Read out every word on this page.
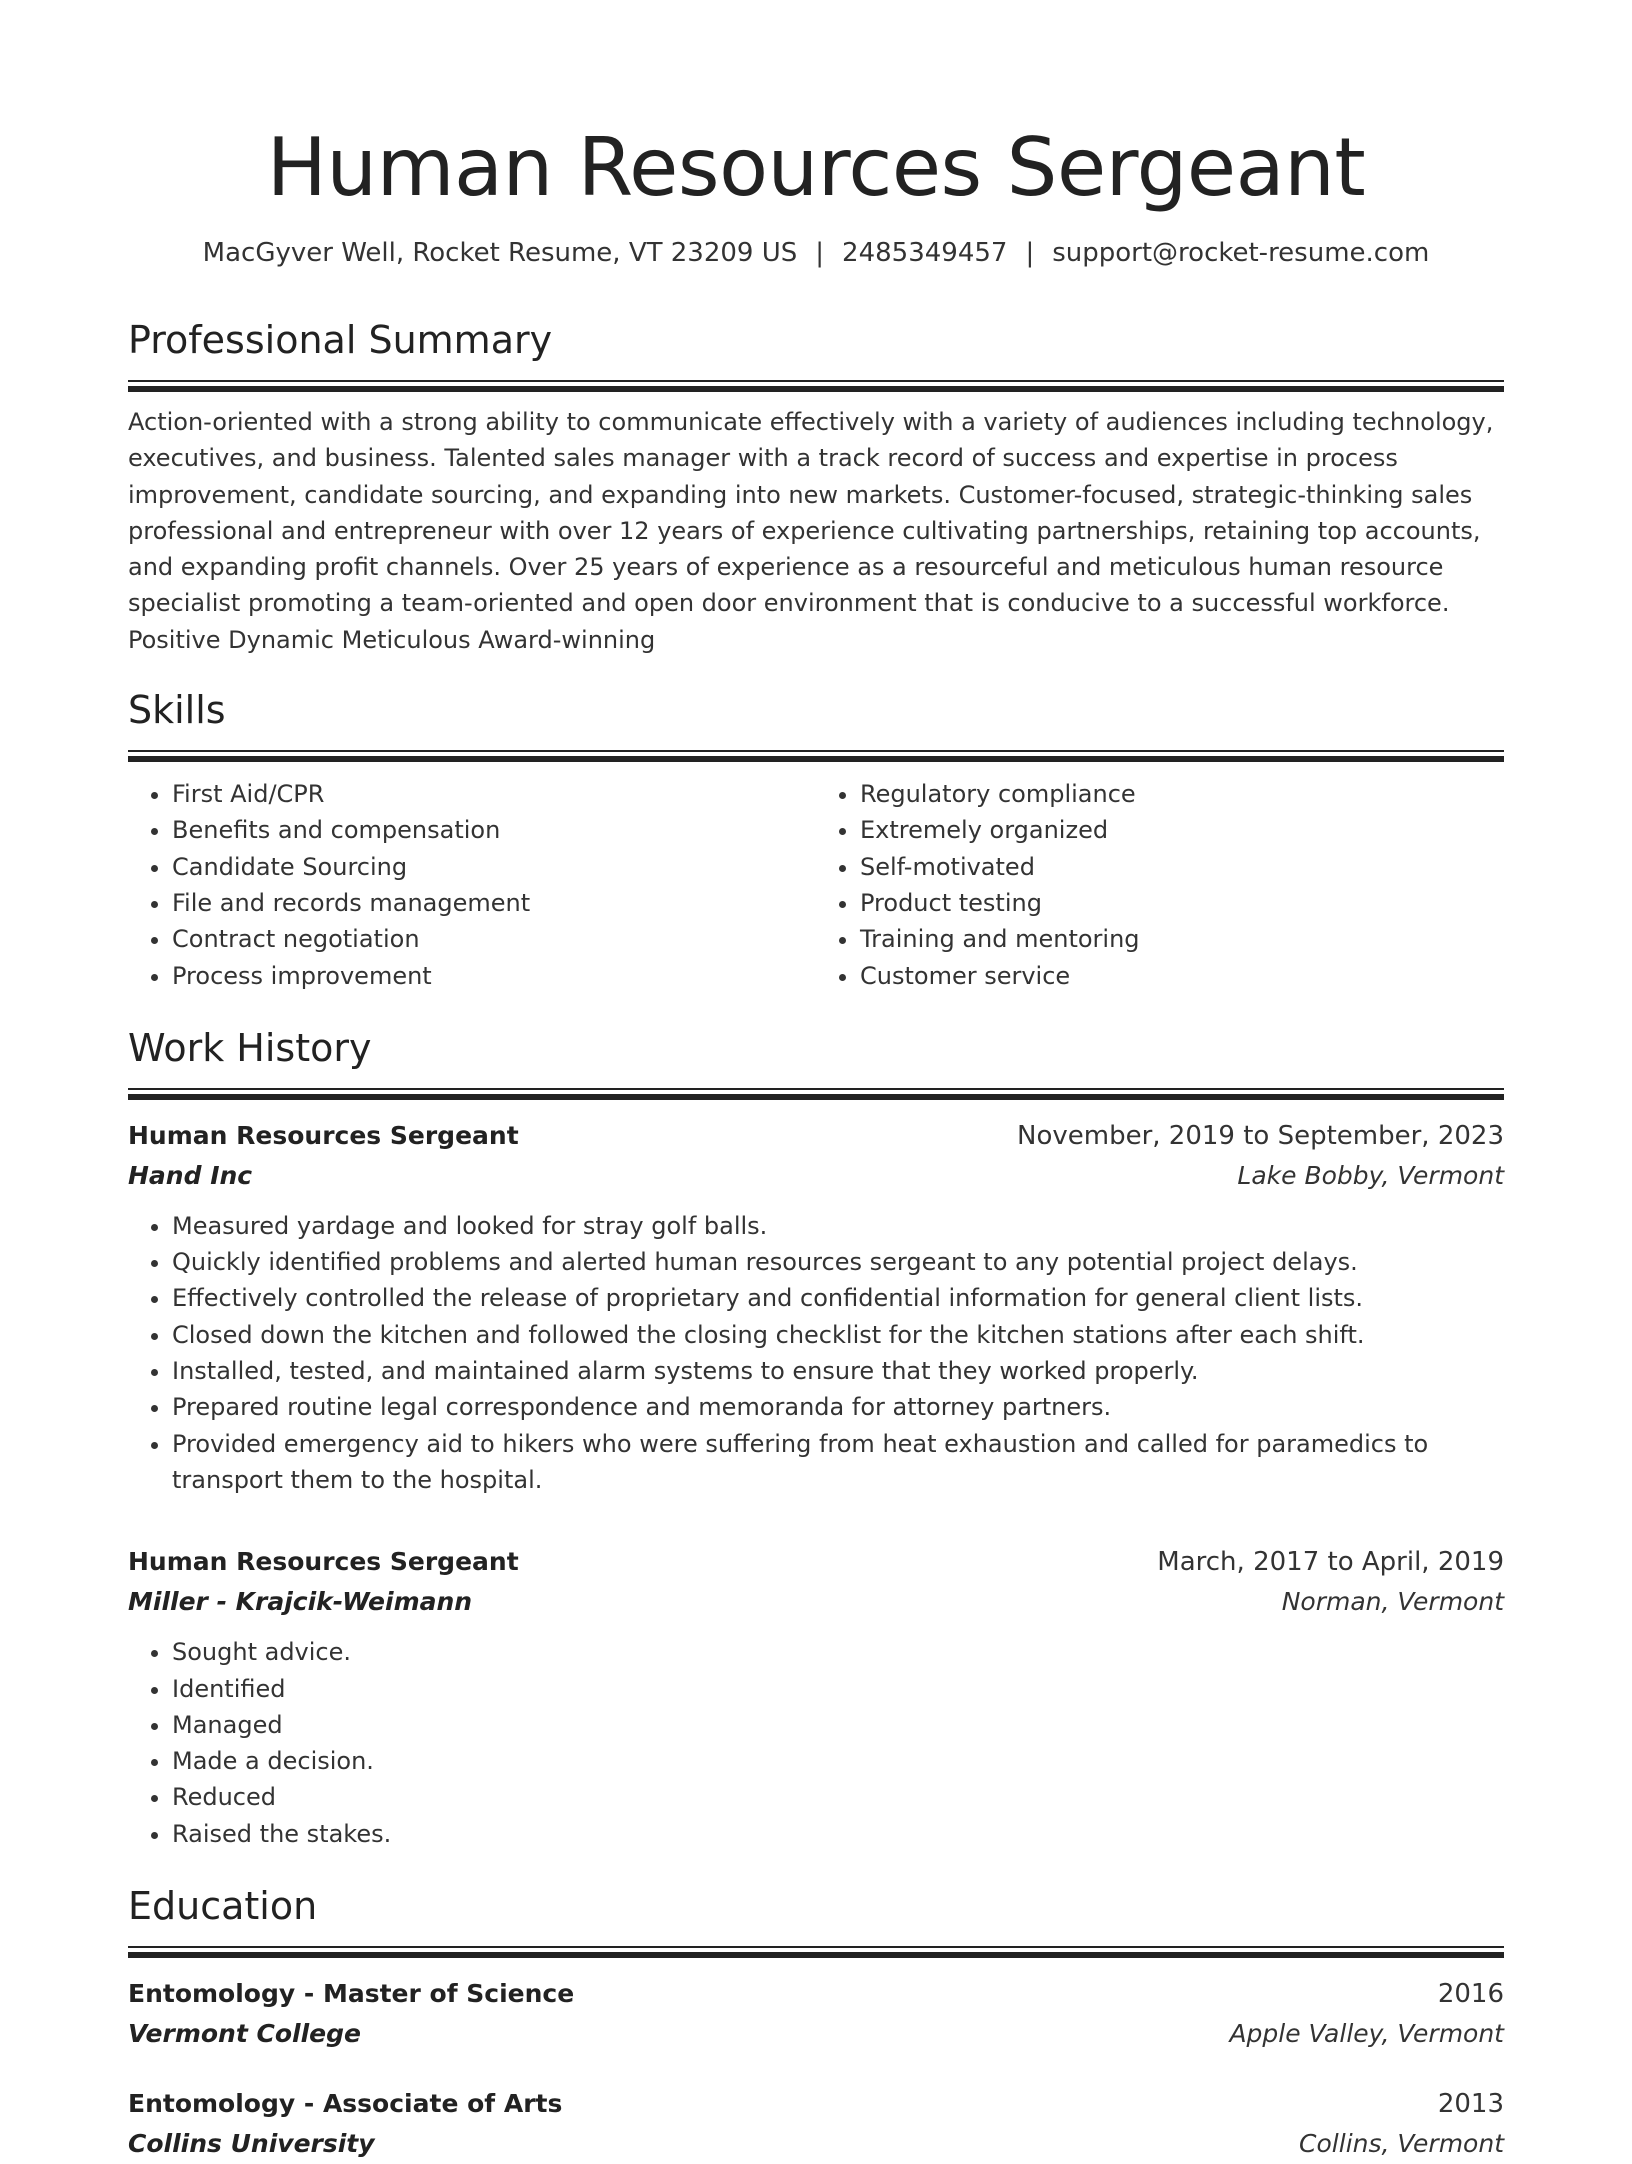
Human Resources Sergeant
MacGyver Well, Rocket Resume, VT 23209 US | 2485349457 | support@rocket-resume.com
Professional Summary
Action-oriented with a strong ability to communicate effectively with a variety of audiences including technology, executives, and business. Talented sales manager with a track record of success and expertise in process improvement, candidate sourcing, and expanding into new markets. Customer-focused, strategic-thinking sales professional and entrepreneur with over 12 years of experience cultivating partnerships, retaining top accounts, and expanding profit channels. Over 25 years of experience as a resourceful and meticulous human resource specialist promoting a team-oriented and open door environment that is conducive to a successful workforce. Positive Dynamic Meticulous Award-winning
Skills
• First Aid/CPR
• Benefits and compensation
• Candidate Sourcing
• File and records management
• Contract negotiation
• Process improvement
• Regulatory compliance
• Extremely organized
• Self-motivated
• Product testing
• Training and mentoring
• Customer service
Work History
Human Resources Sergeant	November, 2019 to September, 2023
Hand Inc	Lake Bobby, Vermont
• Measured yardage and looked for stray golf balls.
• Quickly identified problems and alerted human resources sergeant to any potential project delays.
• Effectively controlled the release of proprietary and confidential information for general client lists.
• Closed down the kitchen and followed the closing checklist for the kitchen stations after each shift.
• Installed, tested, and maintained alarm systems to ensure that they worked properly.
• Prepared routine legal correspondence and memoranda for attorney partners.
• Provided emergency aid to hikers who were suffering from heat exhaustion and called for paramedics to transport them to the hospital.
Human Resources Sergeant	March, 2017 to April, 2019
Miller - Krajcik-Weimann	Norman, Vermont
• Sought advice.
• Identified
• Managed
• Made a decision.
• Reduced
• Raised the stakes.
Education
Entomology - Master of Science	2016
Vermont College	Apple Valley, Vermont
Entomology - Associate of Arts	2013
Collins University	Collins, Vermont
